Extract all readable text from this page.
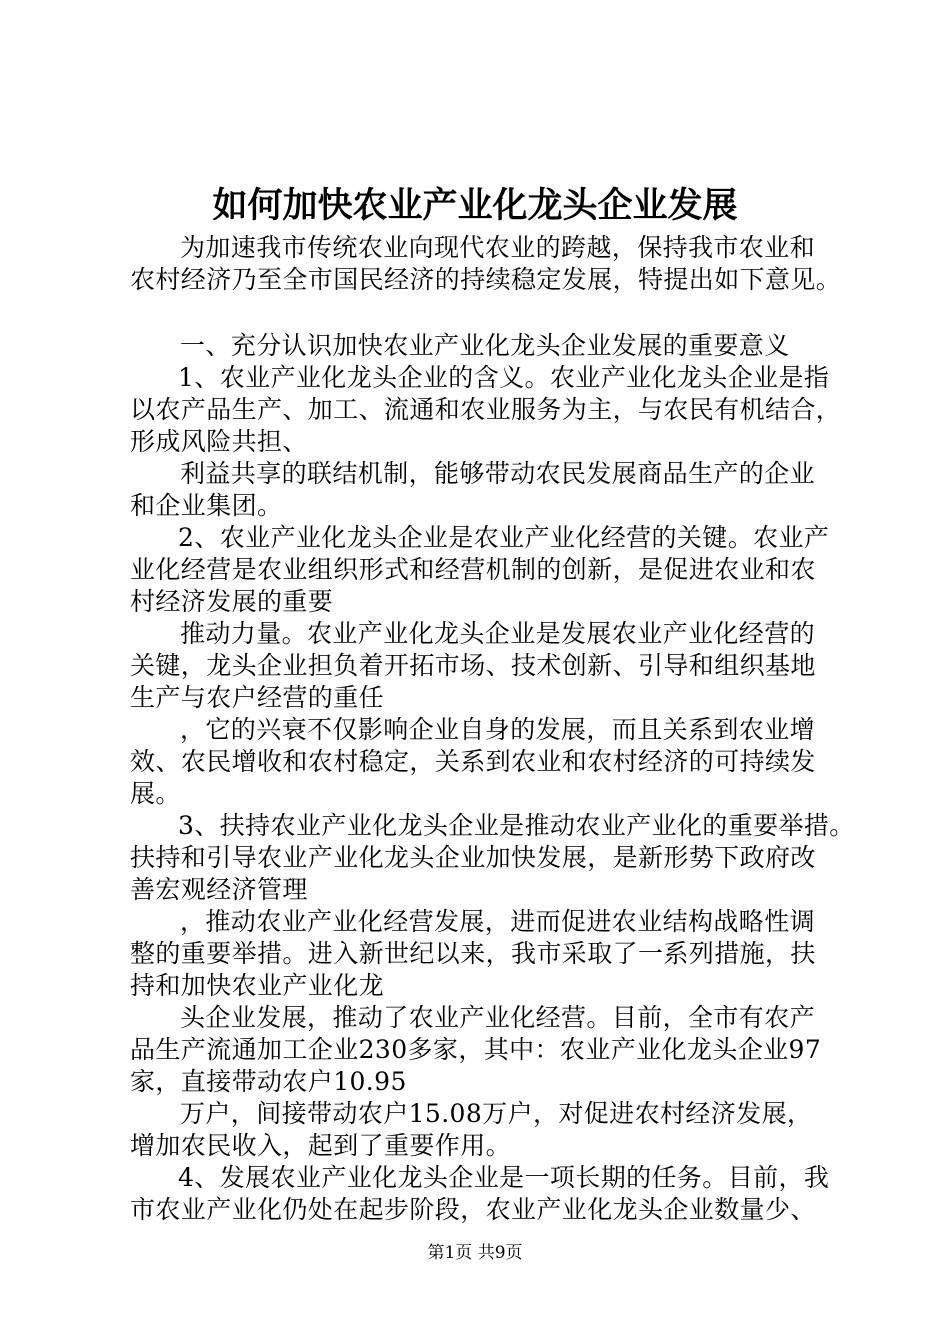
如何加快农业产业化龙头企业发展
为加速我市传统农业向现代农业的跨越，保持我市农业和
农村经济乃至全市国民经济的持续稳定发展，特提出如下意见。
一、充分认识加快农业产业化龙头企业发展的重要意义
1、农业产业化龙头企业的含义。农业产业化龙头企业是指
以农产品生产、加工、流通和农业服务为主，与农民有机结合，
形成风险共担、
利益共享的联结机制，能够带动农民发展商品生产的企业
和企业集团。
2、农业产业化龙头企业是农业产业化经营的关键。农业产
业化经营是农业组织形式和经营机制的创新，是促进农业和农
村经济发展的重要
推动力量。农业产业化龙头企业是发展农业产业化经营的
关键，龙头企业担负着开拓市场、技术创新、引导和组织基地
生产与农户经营的重任
，它的兴衰不仅影响企业自身的发展，而且关系到农业增
效、农民增收和农村稳定，关系到农业和农村经济的可持续发
展。
3、扶持农业产业化龙头企业是推动农业产业化的重要举措。
扶持和引导农业产业化龙头企业加快发展，是新形势下政府改
善宏观经济管理
，推动农业产业化经营发展，进而促进农业结构战略性调
整的重要举措。进入新世纪以来，我市采取了一系列措施，扶
持和加快农业产业化龙
头企业发展，推动了农业产业化经营。目前，全市有农产
品生产流通加工企业230多家，其中：农业产业化龙头企业97
家，直接带动农户10.95
万户，间接带动农户15.08万户，对促进农村经济发展，
增加农民收入，起到了重要作用。
4、发展农业产业化龙头企业是一项长期的任务。目前，我
市农业产业化仍处在起步阶段，农业产业化龙头企业数量少、
第1页 共9页
